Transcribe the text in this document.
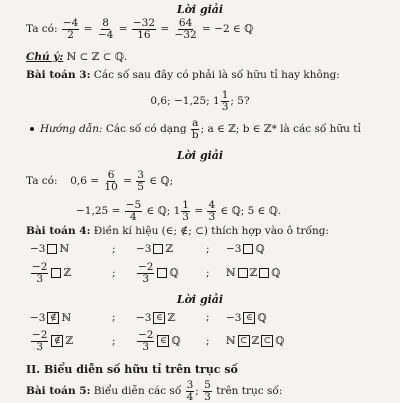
Lời giải
Ta có: $\frac{-4}{2} = \frac{8}{-4} = \frac{-32}{16} = \frac{64}{-32} = -2$ ∈ ℚ
Chú ý: ℕ ⊂ ℤ ⊂ ℚ.
Bài toán 3: Các số sau đây có phải là số hữu tỉ hay không:
0,6; −1,25; $1 \frac{1}{3}$ ; 5?
Hướng dẫn: Các số có dạng $\frac{a}{b}$ ; a ∈ ℤ; b ∈ ℤ* là các số hữu tỉ
Lời giải
Ta có: $0,6 = \frac{6}{10} = \frac{3}{5}$ ∈ ℚ;
$-1,25 = \frac{-5}{4}$ ∈ ℚ; $1 \frac{1}{3} = \frac{4}{3}$ ∈ ℚ; 5 ∈ ℚ.
Bài toán 4: Điền kí hiệu (∈; ∉; ⊂) thích hợp vào ô trống:
−3 ℕ	; −3 ℤ	; −3 ℚ
$\frac{-2}{3}$ ℤ	; $\frac{-2}{3}$ ℚ	; ℕ ℤ ℚ
Lời giải
−3 ∉ ℕ	; −3 ∈ ℤ	; −3 ∈ ℚ
$\frac{-2}{3}$ ∉ ℤ	; $\frac{-2}{3}$ ∈ ℚ ; ℕ ⊂ ℤ ⊂ ℚ
II. Biểu diễn số hữu tỉ trên trục số
Bài toán 5: Biểu diễn các số $\frac{3}{4}$ ; $\frac{5}{3}$ trên trục số:
